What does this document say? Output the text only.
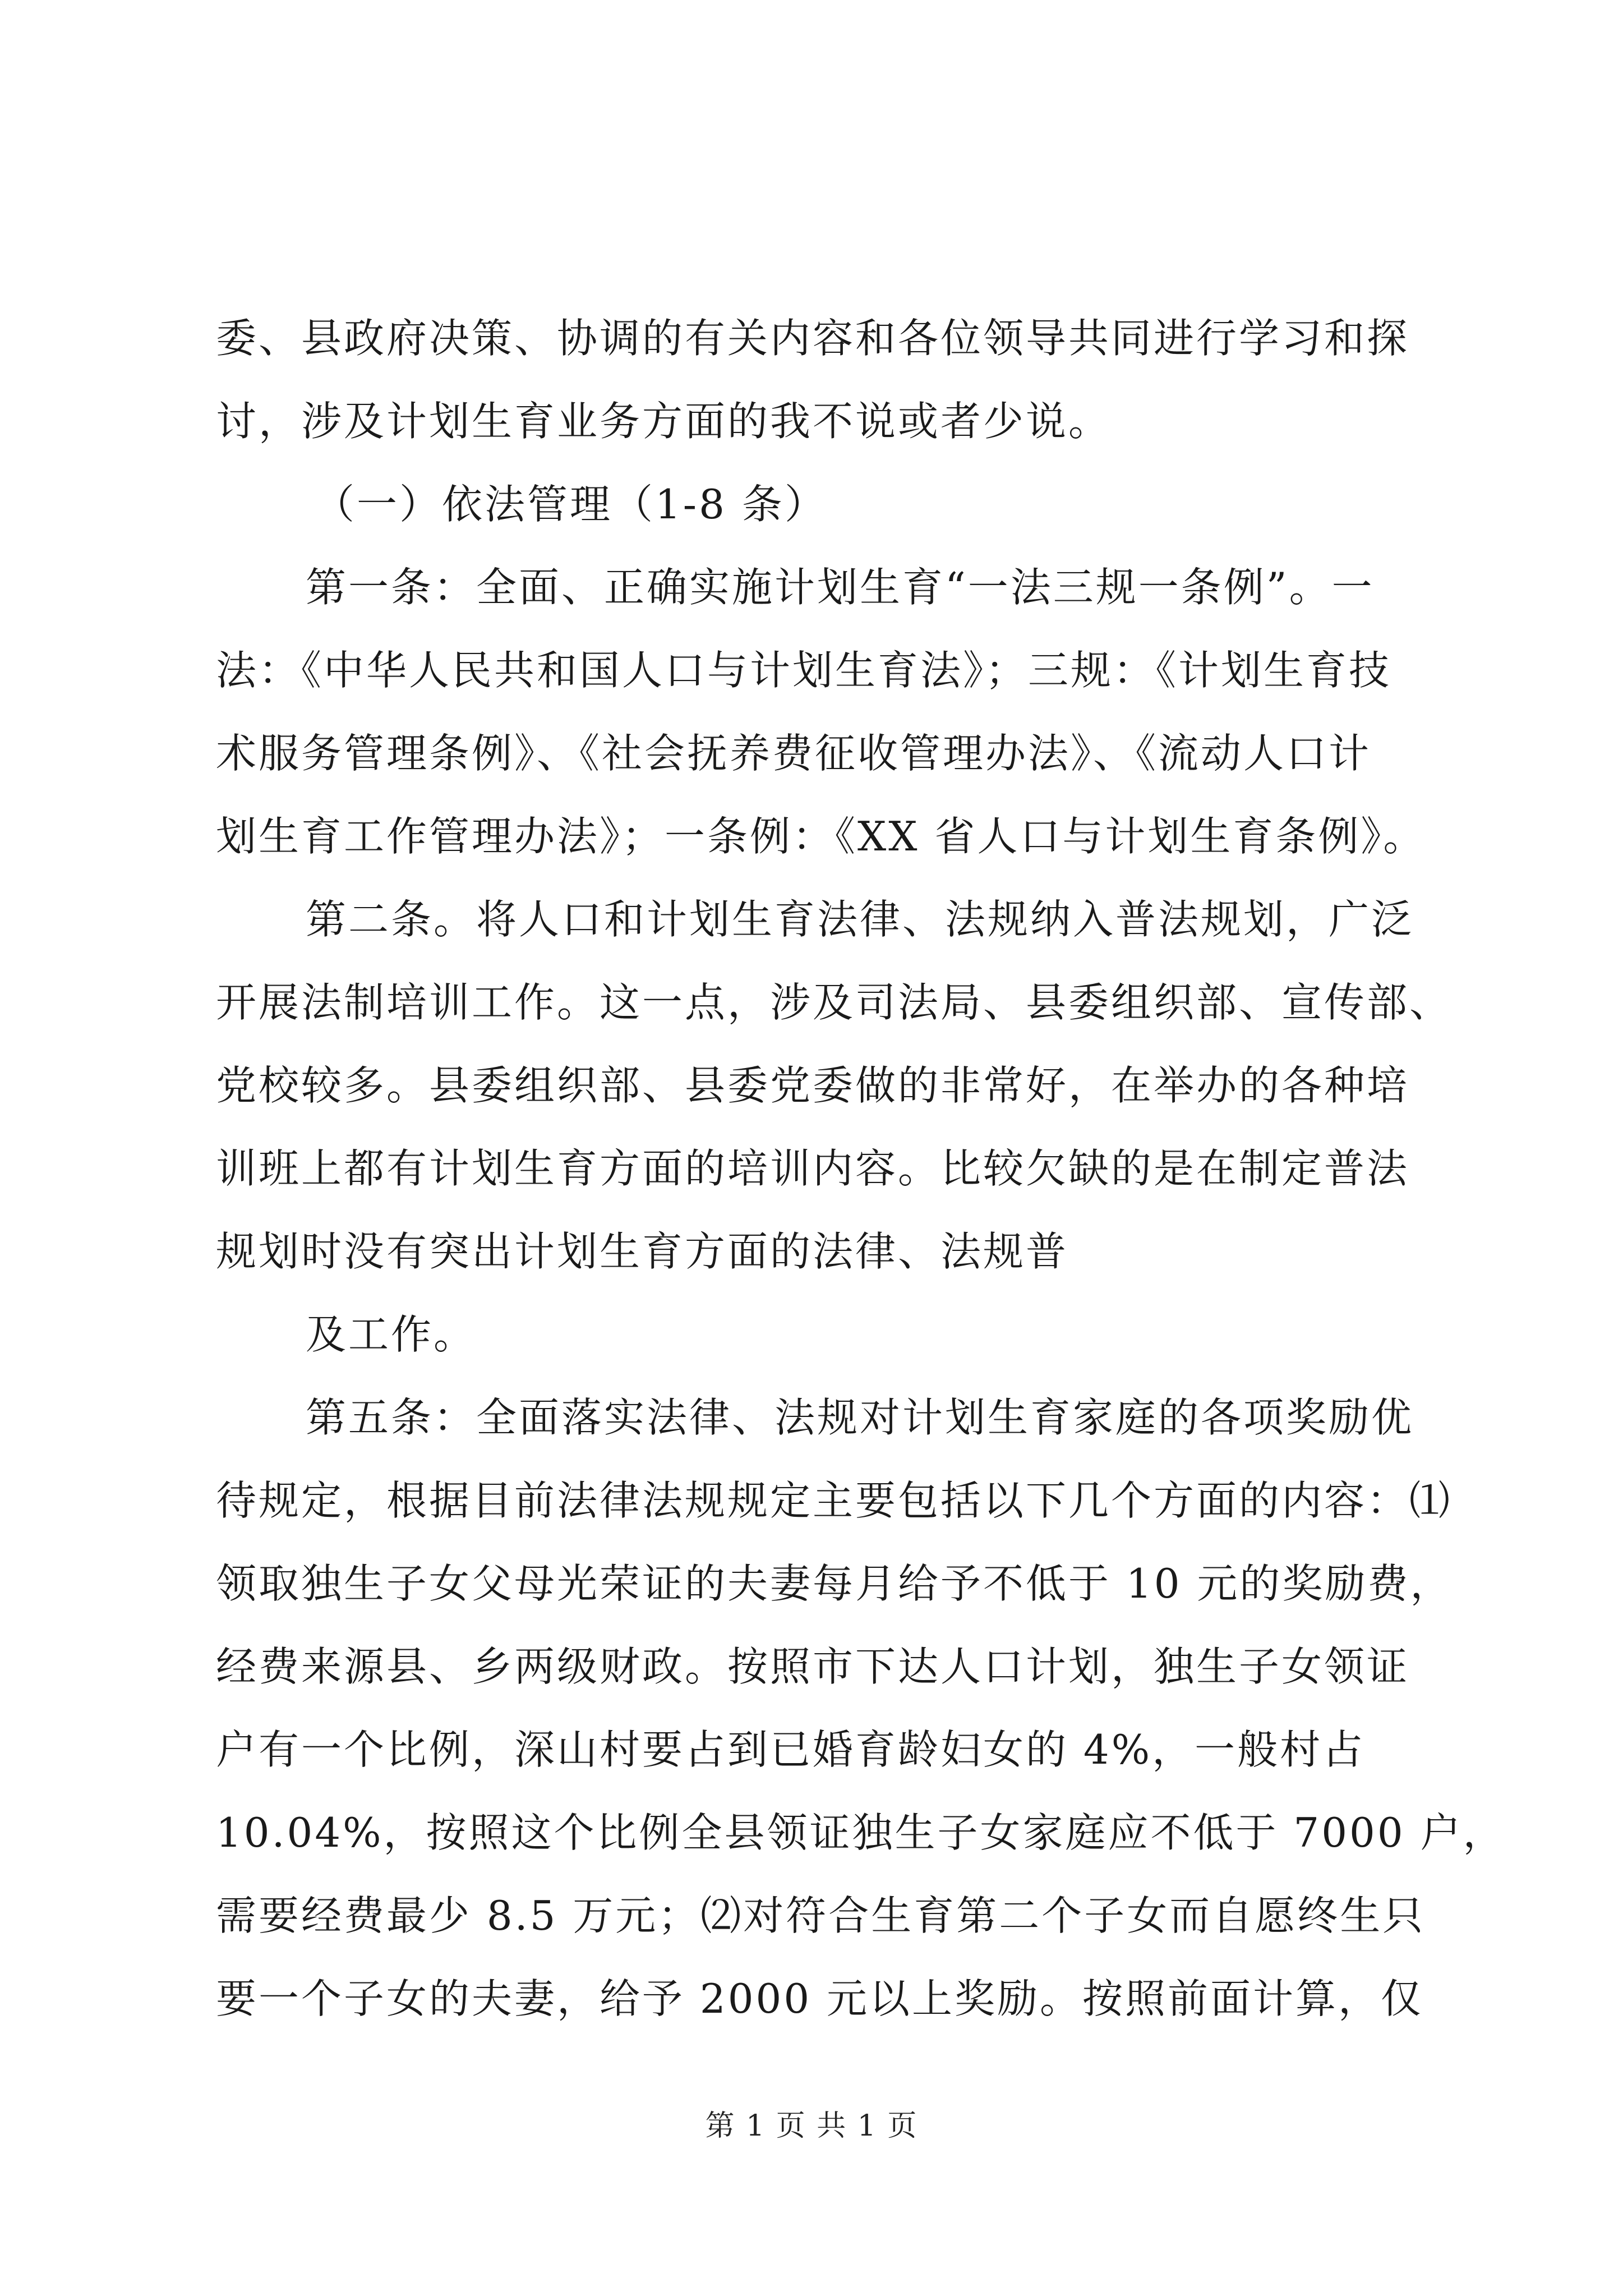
委、县政府决策、协调的有关内容和各位领导共同进行学习和探
讨，涉及计划生育业务方面的我不说或者少说。
（一）依法管理（1-8 条）
第一条：全面、正确实施计划生育“一法三规一条例”。一
法：《中华人民共和国人口与计划生育法》；三规：《计划生育技
术服务管理条例》、《社会抚养费征收管理办法》、《流动人口计
划生育工作管理办法》；一条例：《XX 省人口与计划生育条例》。
第二条。将人口和计划生育法律、法规纳入普法规划，广泛
开展法制培训工作。这一点，涉及司法局、县委组织部、宣传部、
党校较多。县委组织部、县委党委做的非常好，在举办的各种培
训班上都有计划生育方面的培训内容。比较欠缺的是在制定普法
规划时没有突出计划生育方面的法律、法规普
及工作。
第五条：全面落实法律、法规对计划生育家庭的各项奖励优
待规定，根据目前法律法规规定主要包括以下几个方面的内容：⑴
领取独生子女父母光荣证的夫妻每月给予不低于 10 元的奖励费，
经费来源县、乡两级财政。按照市下达人口计划，独生子女领证
户有一个比例，深山村要占到已婚育龄妇女的 4%，一般村占
10.04%，按照这个比例全县领证独生子女家庭应不低于 7000 户，
需要经费最少 8.5 万元；⑵对符合生育第二个子女而自愿终生只
要一个子女的夫妻，给予 2000 元以上奖励。按照前面计算，仅
第 1 页 共 1 页
